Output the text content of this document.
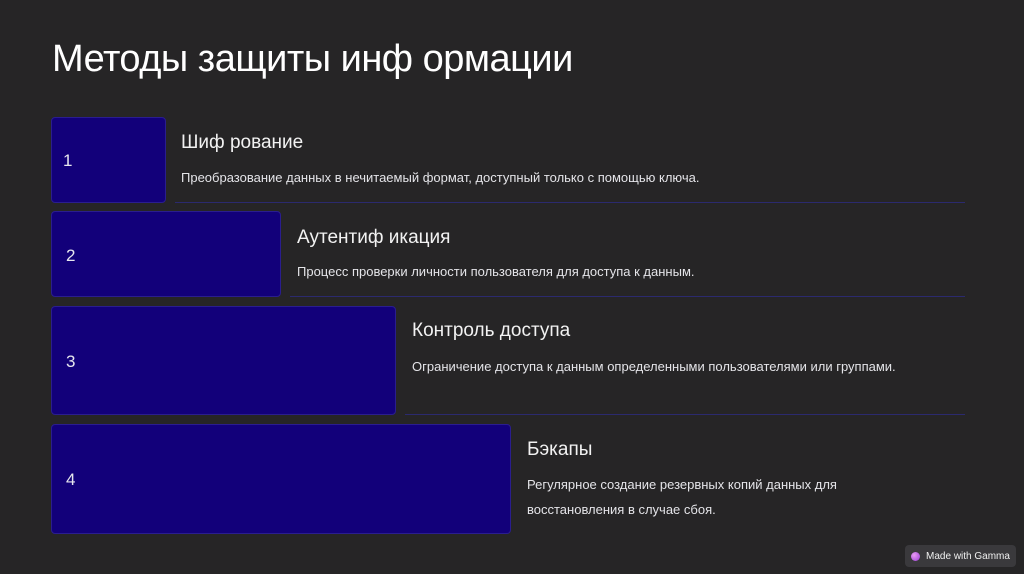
Методы защиты инф ормации
1
Шиф рование
Преобразование данных в нечитаемый формат, доступный только с помощью ключа.
2
Аутентиф икация
Процесс проверки личности пользователя для доступа к данным.
3
Контроль доступа
Ограничение доступа к данным определенными пользователями или группами.
4
Бэкапы
Регулярное создание резервных копий данных для восстановления в случае сбоя.
Made with Gamma
